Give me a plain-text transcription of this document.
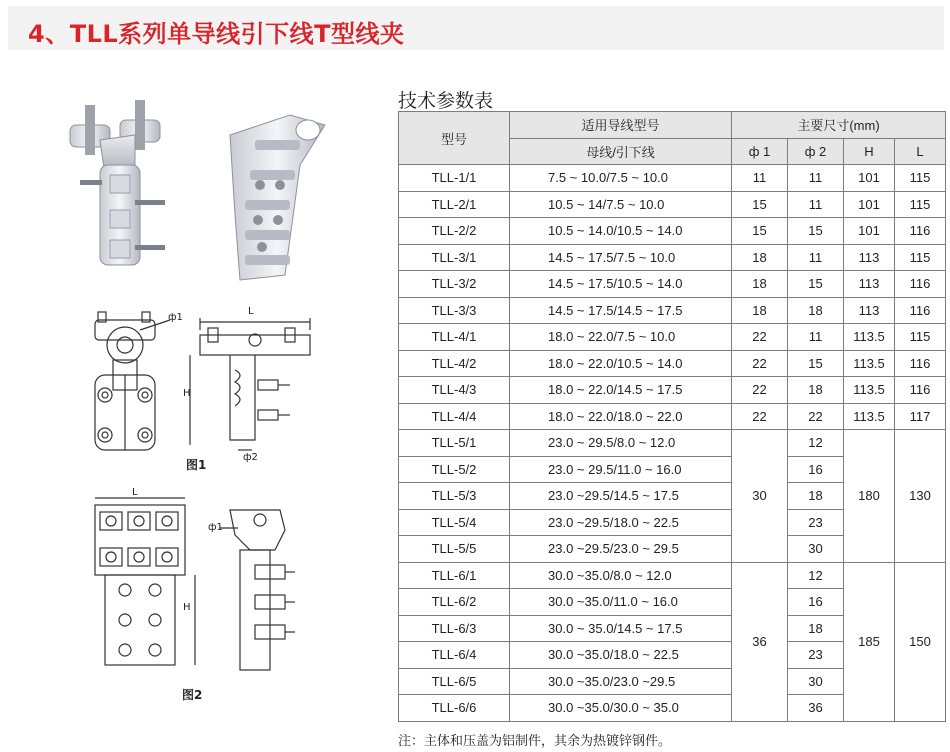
4、TLL系列单导线引下线T型线夹
ф1
L
H
ф2
图1
L
ф1
H
图2
技术参数表
型号	适用导线型号	主要尺寸(mm)			
	母线/引下线	ф 1	ф 2	H	L
TLL-1/1	7.5 ~ 10.0/7.5 ~ 10.0	11	11	101	115
TLL-2/1	10.5 ~ 14/7.5 ~ 10.0	15	11	101	115
TLL-2/2	10.5 ~ 14.0/10.5 ~ 14.0	15	15	101	116
TLL-3/1	14.5 ~ 17.5/7.5 ~ 10.0	18	11	113	115
TLL-3/2	14.5 ~ 17.5/10.5 ~ 14.0	18	15	113	116
TLL-3/3	14.5 ~ 17.5/14.5 ~ 17.5	18	18	113	116
TLL-4/1	18.0 ~ 22.0/7.5 ~ 10.0	22	11	113.5	115
TLL-4/2	18.0 ~ 22.0/10.5 ~ 14.0	22	15	113.5	116
TLL-4/3	18.0 ~ 22.0/14.5 ~ 17.5	22	18	113.5	116
TLL-4/4	18.0 ~ 22.0/18.0 ~ 22.0	22	22	113.5	117
TLL-5/1	23.0 ~ 29.5/8.0 ~ 12.0	30	12	180	130
TLL-5/2	23.0 ~ 29.5/11.0 ~ 16.0		16		
TLL-5/3	23.0 ~29.5/14.5 ~ 17.5		18		
TLL-5/4	23.0 ~29.5/18.0 ~ 22.5		23		
TLL-5/5	23.0 ~29.5/23.0 ~ 29.5		30		
TLL-6/1	30.0 ~35.0/8.0 ~ 12.0	36	12	185	150
TLL-6/2	30.0 ~35.0/11.0 ~ 16.0		16		
TLL-6/3	30.0 ~ 35.0/14.5 ~ 17.5		18		
TLL-6/4	30.0 ~35.0/18.0 ~ 22.5		23		
TLL-6/5	30.0 ~35.0/23.0 ~29.5		30		
TLL-6/6	30.0 ~35.0/30.0 ~ 35.0		36		
注：主体和压盖为铝制件，其余为热镀锌钢件。
